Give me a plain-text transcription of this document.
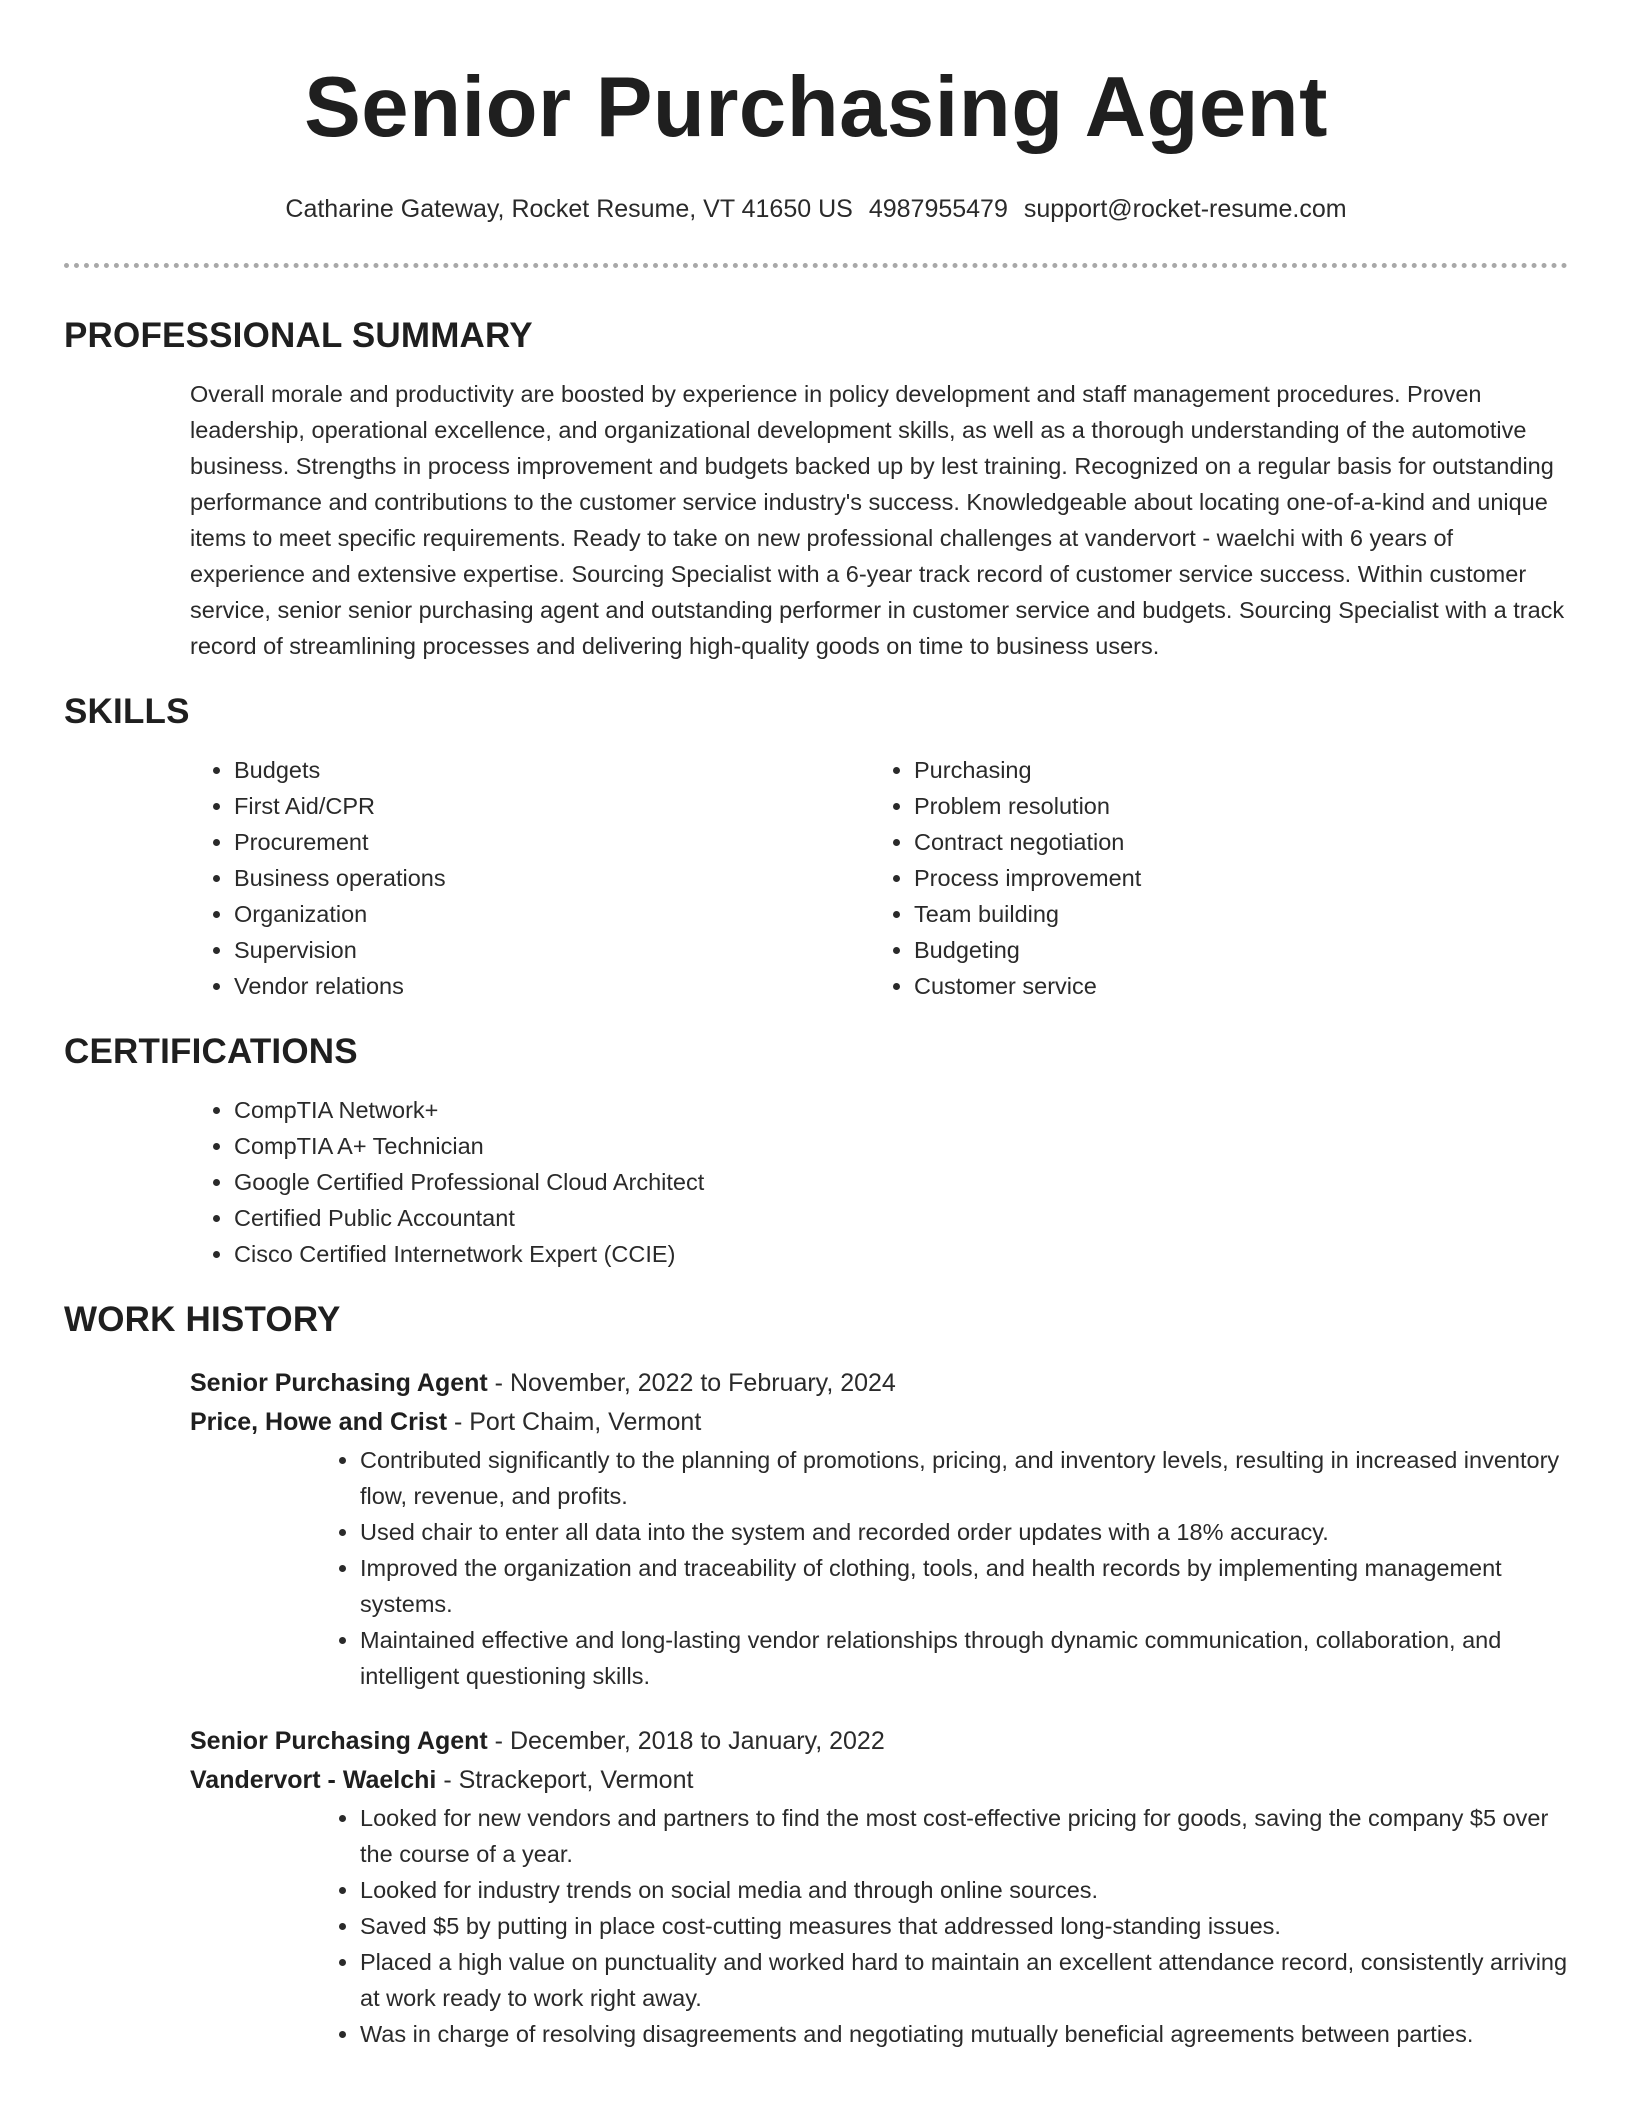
Senior Purchasing Agent
Catharine Gateway, Rocket Resume, VT 41650 US 4987955479 support@rocket-resume.com
PROFESSIONAL SUMMARY
Overall morale and productivity are boosted by experience in policy development and staff management procedures. Proven leadership, operational excellence, and organizational development skills, as well as a thorough understanding of the automotive business. Strengths in process improvement and budgets backed up by lest training. Recognized on a regular basis for outstanding performance and contributions to the customer service industry's success. Knowledgeable about locating one-of-a-kind and unique items to meet specific requirements. Ready to take on new professional challenges at vandervort - waelchi with 6 years of experience and extensive expertise. Sourcing Specialist with a 6-year track record of customer service success. Within customer service, senior senior purchasing agent and outstanding performer in customer service and budgets. Sourcing Specialist with a track record of streamlining processes and delivering high-quality goods on time to business users.
SKILLS
• Budgets
• First Aid/CPR
• Procurement
• Business operations
• Organization
• Supervision
• Vendor relations
• Purchasing
• Problem resolution
• Contract negotiation
• Process improvement
• Team building
• Budgeting
• Customer service
CERTIFICATIONS
• CompTIA Network+
• CompTIA A+ Technician
• Google Certified Professional Cloud Architect
• Certified Public Accountant
• Cisco Certified Internetwork Expert (CCIE)
WORK HISTORY
Senior Purchasing Agent - November, 2022 to February, 2024
Price, Howe and Crist - Port Chaim, Vermont
• Contributed significantly to the planning of promotions, pricing, and inventory levels, resulting in increased inventory flow, revenue, and profits.
• Used chair to enter all data into the system and recorded order updates with a 18% accuracy.
• Improved the organization and traceability of clothing, tools, and health records by implementing management systems.
• Maintained effective and long-lasting vendor relationships through dynamic communication, collaboration, and intelligent questioning skills.
Senior Purchasing Agent - December, 2018 to January, 2022
Vandervort - Waelchi - Strackeport, Vermont
• Looked for new vendors and partners to find the most cost-effective pricing for goods, saving the company $5 over the course of a year.
• Looked for industry trends on social media and through online sources.
• Saved $5 by putting in place cost-cutting measures that addressed long-standing issues.
• Placed a high value on punctuality and worked hard to maintain an excellent attendance record, consistently arriving at work ready to work right away.
• Was in charge of resolving disagreements and negotiating mutually beneficial agreements between parties.
